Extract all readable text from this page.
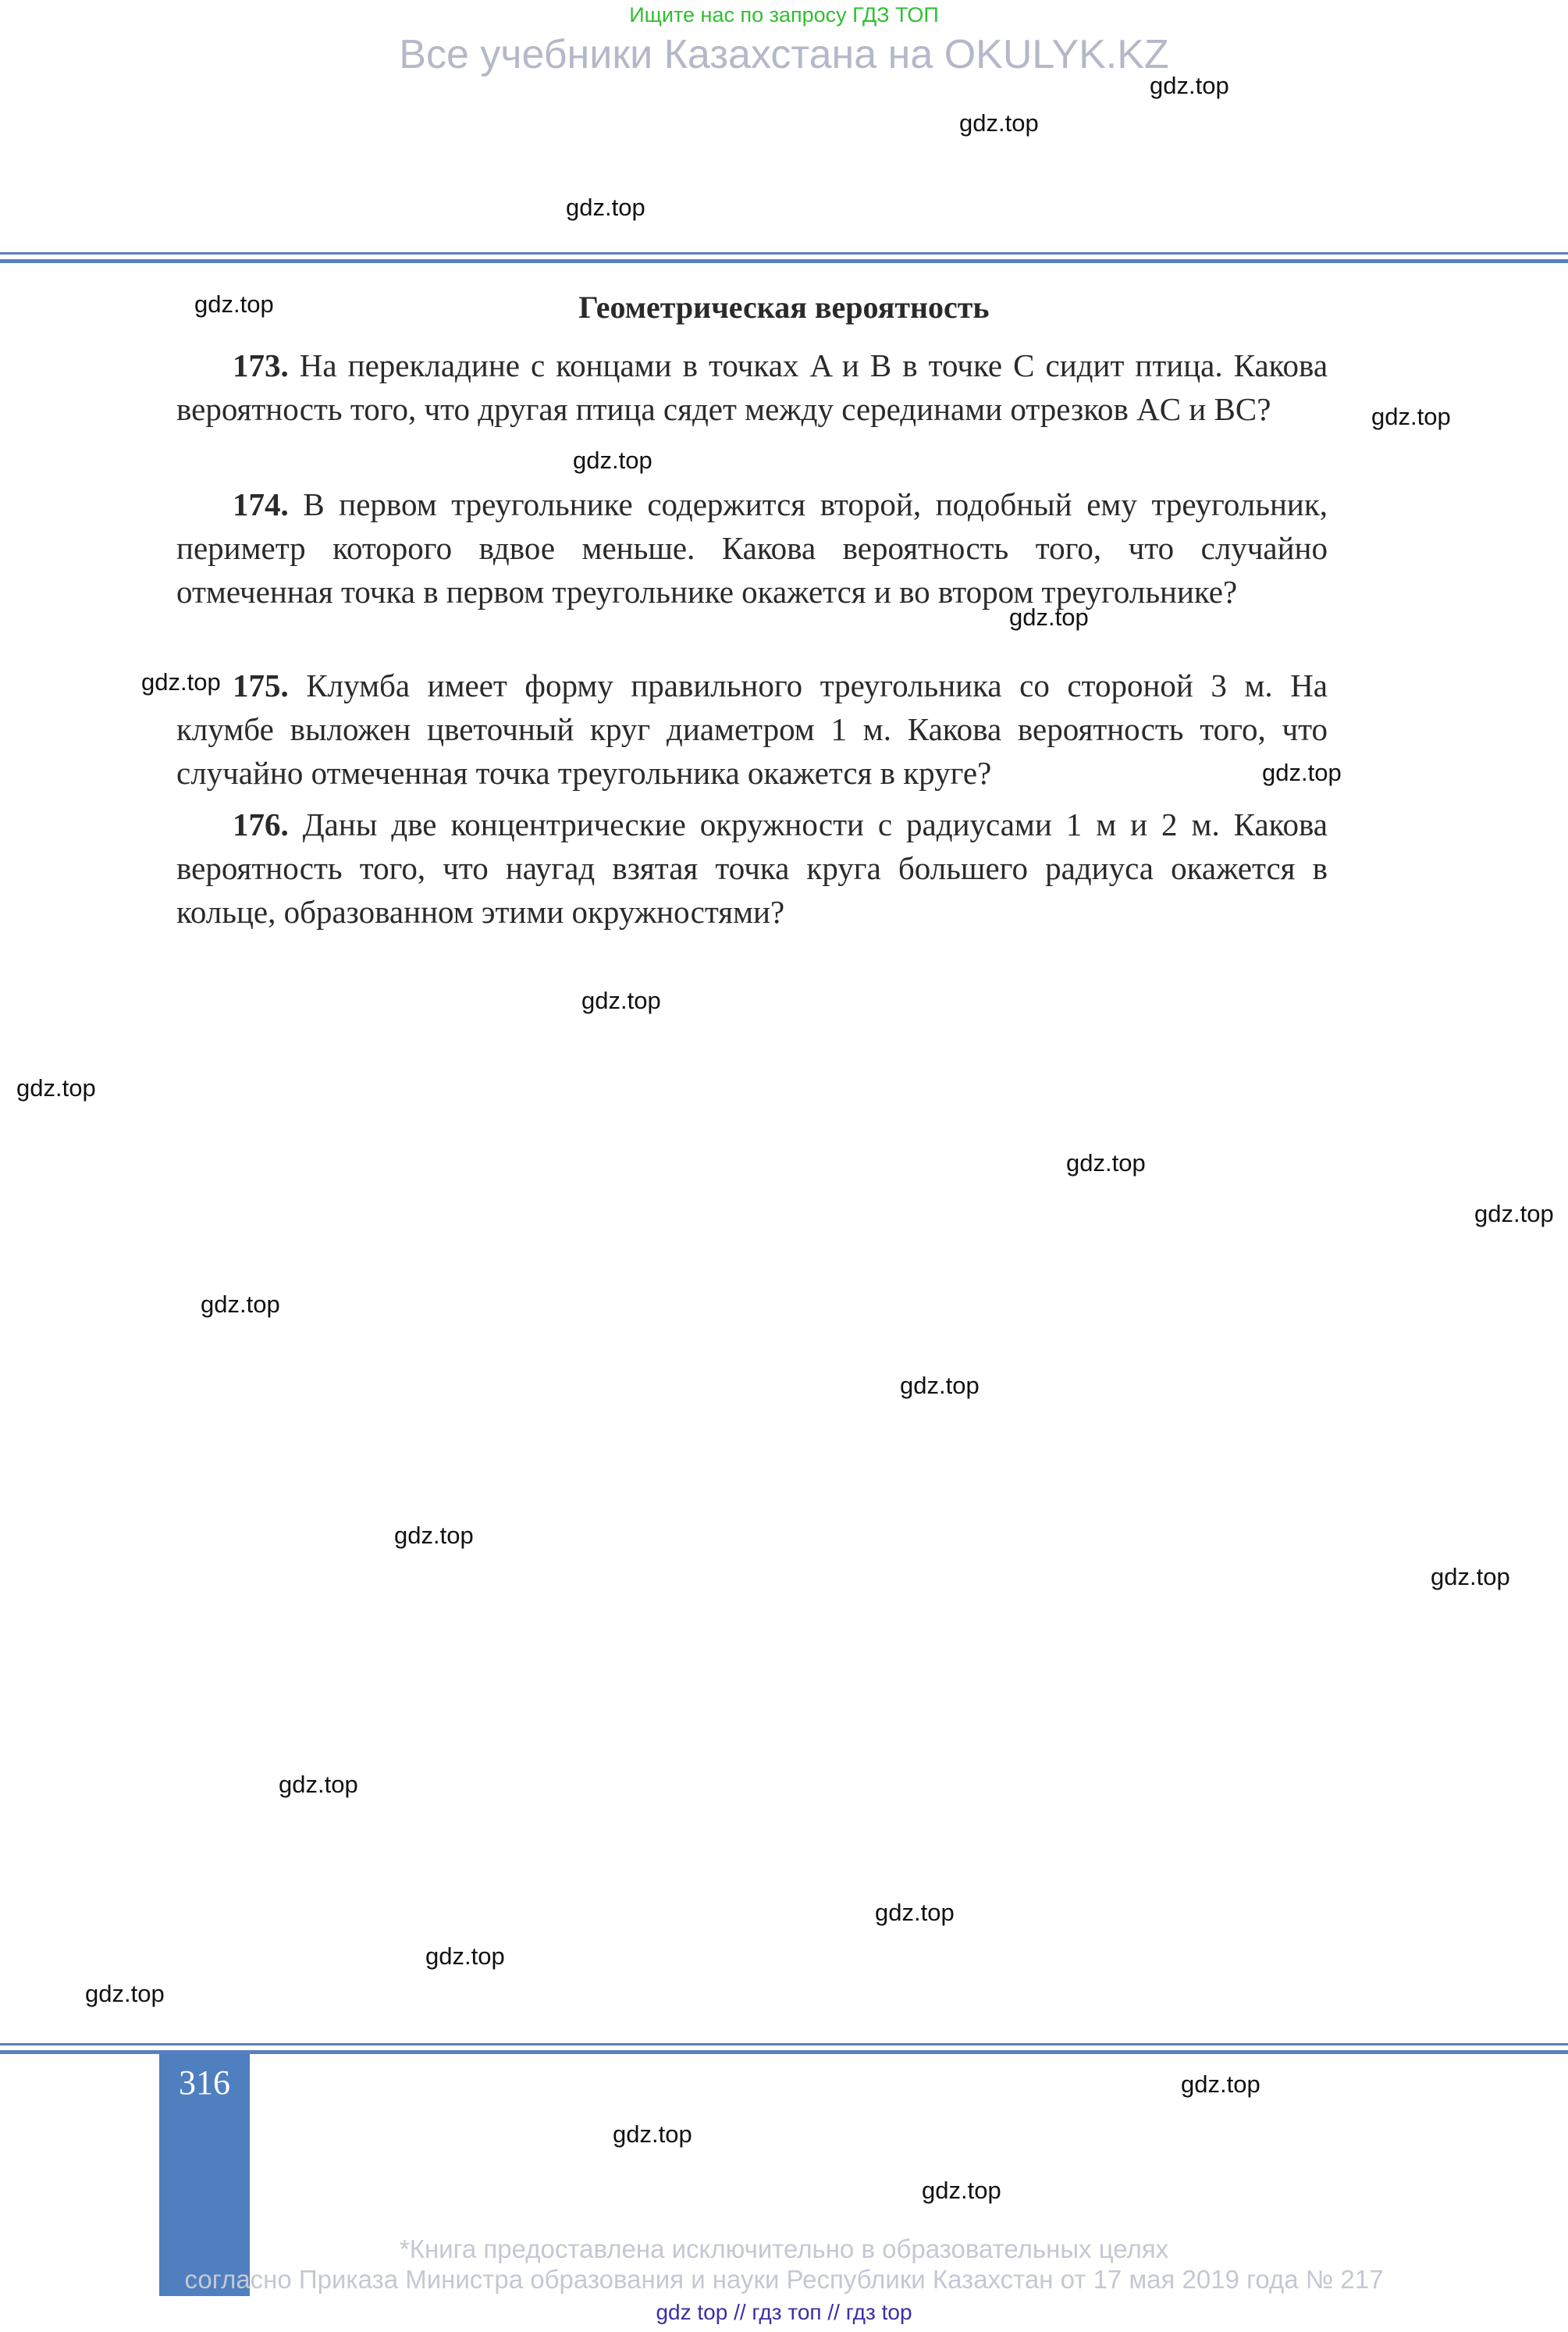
Ищите нас по запросу ГДЗ ТОП
Все учебники Казахстана на OKULYK.KZ
Геометрическая вероятность

173. На перекладине с концами в точках A и B в точке C сидит птица. Какова вероятность того, что другая птица сядет между серединами отрезков AC и BC?

174. В первом треугольнике содержится второй, подобный ему треугольник, периметр которого вдвое меньше. Какова вероятность того, что случайно отмеченная точка в первом треугольнике окажется и во втором треугольнике?

175. Клумба имеет форму правильного треугольника со стороной 3 м. На клумбе выложен цветочный круг диаметром 1 м. Какова вероятность того, что случайно отмеченная точка треугольника окажется в круге?

176. Даны две концентрические окружности с радиусами 1 м и 2 м. Какова вероятность того, что наугад взятая точка круга большего радиуса окажется в кольце, образованном этими окружностями?

gdz.top
gdz.top
gdz.top
gdz.top
gdz.top
gdz.top
gdz.top
gdz.top
gdz.top
gdz.top
gdz.top
gdz.top
gdz.top
gdz.top
gdz.top
gdz.top
gdz.top
gdz.top
gdz.top
gdz.top
gdz.top
gdz.top
gdz.top
gdz.top
316
*Книга предоставлена исключительно в образовательных целях
согласно Приказа Министра образования и науки Республики Казахстан от 17 мая 2019 года № 217
gdz top // гдз топ // гдз top
